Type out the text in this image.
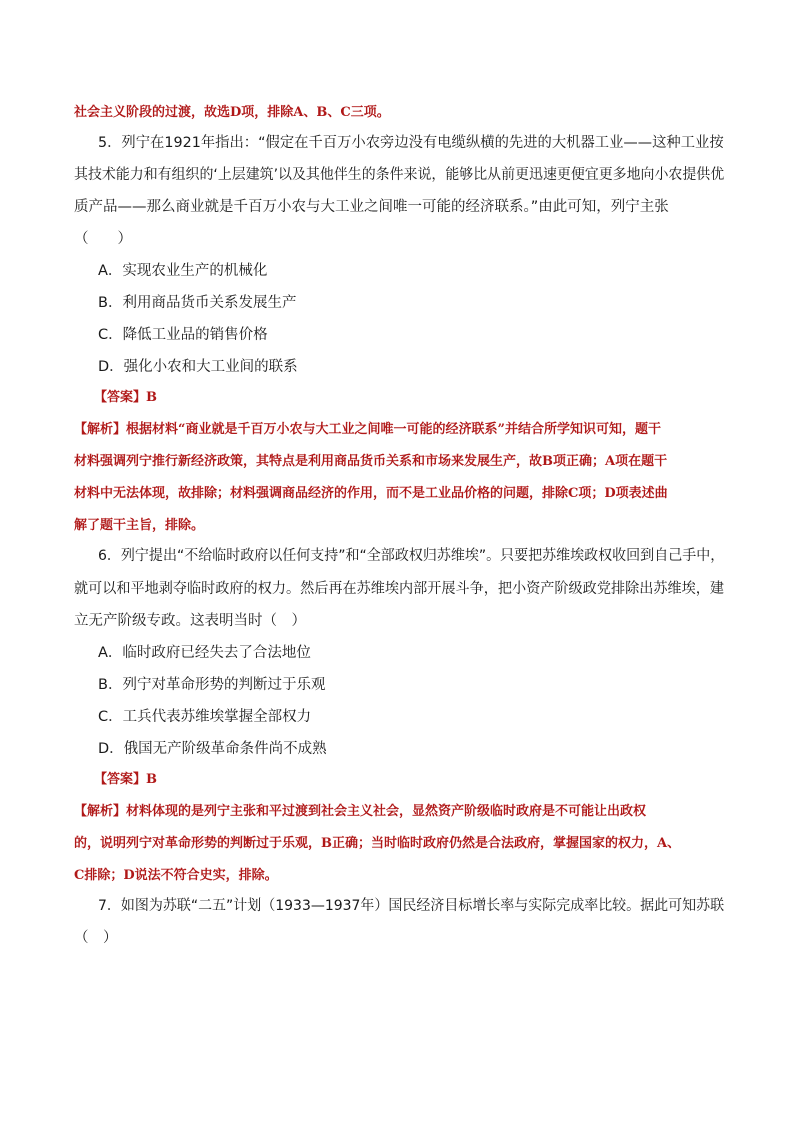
社会主义阶段的过渡，故选D项，排除A、B、C三项。
5．列宁在1921年指出：“假定在千百万小农旁边没有电缆纵横的先进的大机器工业——这种工业按
其技术能力和有组织的‘上层建筑’以及其他伴生的条件来说，能够比从前更迅速更便宜更多地向小农提供优
质产品——那么商业就是千百万小农与大工业之间唯一可能的经济联系。”由此可知，列宁主张
（　　）
A．实现农业生产的机械化
B．利用商品货币关系发展生产
C．降低工业品的销售价格
D．强化小农和大工业间的联系
【答案】B
【解析】根据材料“商业就是千百万小农与大工业之间唯一可能的经济联系”并结合所学知识可知，题干
材料强调列宁推行新经济政策，其特点是利用商品货币关系和市场来发展生产，故B项正确；A项在题干
材料中无法体现，故排除；材料强调商品经济的作用，而不是工业品价格的问题，排除C项；D项表述曲
解了题干主旨，排除。
6．列宁提出“不给临时政府以任何支持”和“全部政权归苏维埃”。只要把苏维埃政权收回到自己手中，
就可以和平地剥夺临时政府的权力。然后再在苏维埃内部开展斗争，把小资产阶级政党排除出苏维埃，建
立无产阶级专政。这表明当时（　）
A．临时政府已经失去了合法地位
B．列宁对革命形势的判断过于乐观
C．工兵代表苏维埃掌握全部权力
D．俄国无产阶级革命条件尚不成熟
【答案】B
【解析】材料体现的是列宁主张和平过渡到社会主义社会，显然资产阶级临时政府是不可能让出政权
的，说明列宁对革命形势的判断过于乐观，B正确；当时临时政府仍然是合法政府，掌握国家的权力，A、
C排除；D说法不符合史实，排除。
7．如图为苏联“二五”计划（1933—1937年）国民经济目标增长率与实际完成率比较。据此可知苏联
（　）
